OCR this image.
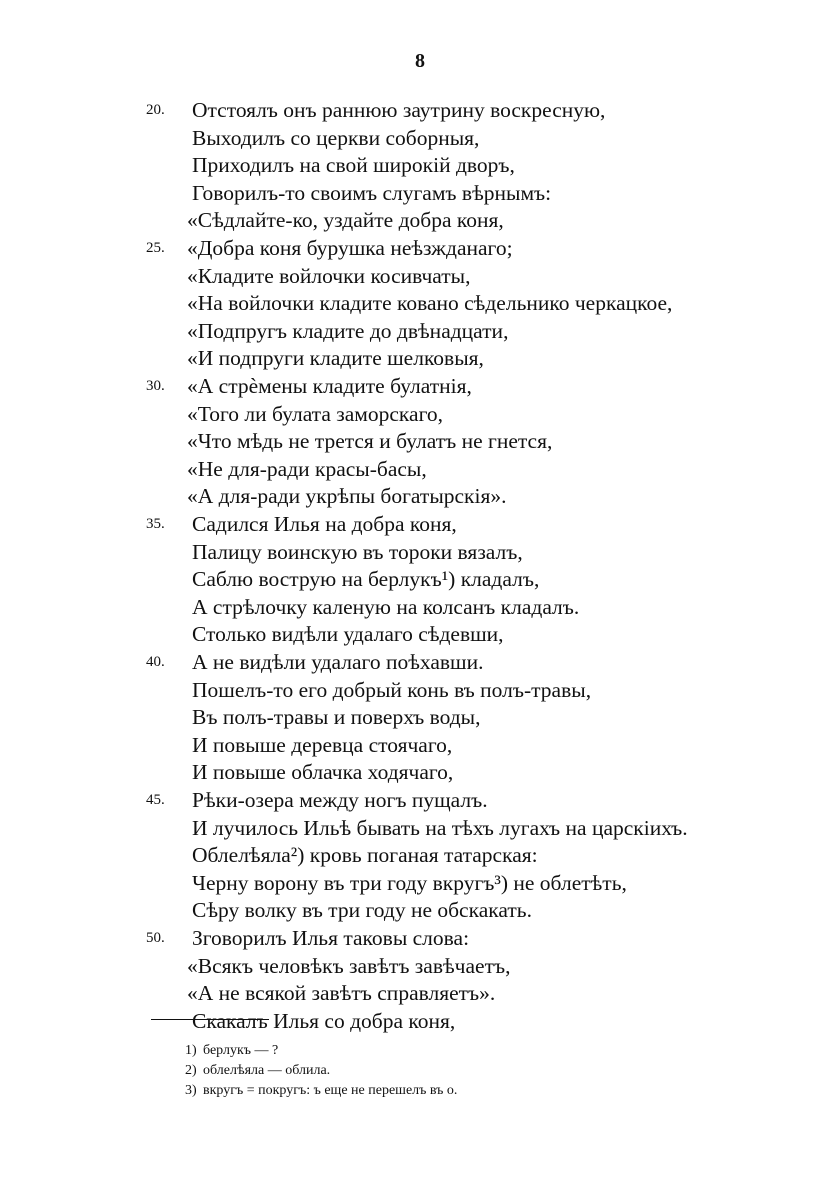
8
20.	Отстоялъ онъ раннюю заутрину воскресную,
Выходилъ со церкви соборныя,
Приходилъ на свой широкій дворъ,
Говорилъ-то своимъ слугамъ вѣрнымъ:
«Сѣдлайте-ко, уздайте добра коня,
25.	«Добра коня бурушка неѣзжданаго;
«Кладите войлочки косивчаты,
«На войлочки кладите ковано сѣдельнико черкацкое,
«Подпругъ кладите до двѣнадцати,
«И подпруги кладите шелковыя,
30.	«А стрѐмены кладите булатнія,
«Того ли булата заморскаго,
«Что мѣдь не трется и булатъ не гнется,
«Не для-ради красы-басы,
«А для-ради укрѣпы богатырскія».
35.	Садился Илья на добра коня,
Палицу воинскую въ тороки вязалъ,
Саблю вострую на берлукъ¹) кладалъ,
А стрѣлочку каленую на колсанъ кладалъ.
Столько видѣли удалаго сѣдевши,
40.	А не видѣли удалаго поѣхавши.
Пошелъ-то его добрый конь въ полъ-травы,
Въ полъ-травы и поверхъ воды,
И повыше деревца стоячаго,
И повыше облачка ходячаго,
45.	Рѣки-озера между ногъ пущалъ.
И лучилось Ильѣ бывать на тѣхъ лугахъ на царскіихъ.
Облелѣяла²) кровь поганая татарская:
Черну ворону въ три году вкругъ³) не облетѣть,
Сѣру волку въ три году не обскакать.
50.	Зговорилъ Илья таковы слова:
«Всякъ человѣкъ завѣтъ завѣчаетъ,
«А не всякой завѣтъ справляетъ».
Скакалъ Илья со добра коня,
1) берлукъ — ?
2) облелѣяла — облила.
3) вкругъ = покругъ: ъ еще не перешелъ въ о.
